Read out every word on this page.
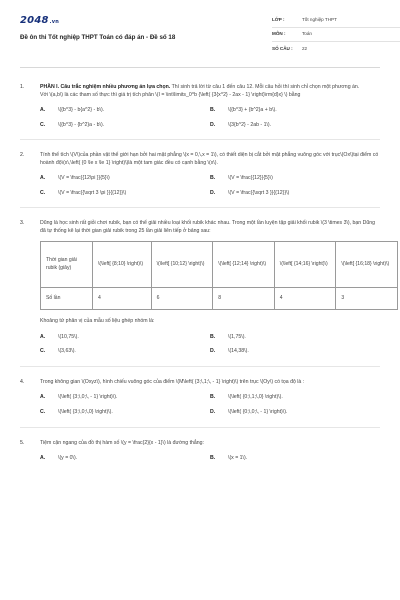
2048.vn
Đề ôn thi Tốt nghiệp THPT Toán có đáp án - Đề số 18
LỚP :	Tốt nghiệp THPT
MÔN :	Toán
SỐ CÂU :	22
1.	PHẦN I. Câu trắc nghiệm nhiều phương án lựa chọn. Thí sinh trả lời từ câu 1 đến câu 12. Mỗi câu hỏi thí sinh chỉ chọn một phương án.
Với \(a,b\) là các tham số thực thì giá trị tích phân \(I = \int\limits_0^b {\left( {3{x^2} - 2ax - 1} \right)\rm{d}x} \) bằng
A.	\({b^3} - b{a^2} - b\).	B.	\({b^3} + {b^2}a + b\).
C.	\({b^3} - {b^2}a - b\).	D.	\(3{b^2} - 2ab - 1\).
2.	Tính thể tích \(V\)của phần vật thể giới hạn bởi hai mặt phẳng \(x = 0,\,x = 1\), có thiết diện bị cắt bởi mặt phẳng vuông góc với trục\(Ox\)tại điểm có hoành độ\(x\,\left( {0 \le x \le 1} \right)\)là một tam giác đều có cạnh bằng \(x\).
A.	\(V = \frac{{12\pi }}{5}\)	B.	\(V = \frac{{12}}{5}\)
C.	\(V = \frac{{\sqrt 3 \pi }}{{12}}\)	D.	\(V = \frac{{\sqrt 3 }}{{12}}\)
3.	Dũng là học sinh rất giỏi chơi rubik, bạn có thể giải nhiều loại khối rubik khác nhau. Trong một lần luyện tập giải khối rubik \(3 \times 3\), bạn Dũng đã tự thống kê lại thời gian giải rubik trong 25 lần giải liên tiếp ở bảng sau:
Thời gian giải rubik (giây)	\(\left[ {8;10} \right)\)	\(\left[ {10;12} \right)\)	\(\left[ {12;14} \right)\)	\(\left[ {14;16} \right)\)	\(\left[ {16;18} \right)\)
Số lần	4	6	8	4	3
Khoảng tứ phân vị của mẫu số liệu ghép nhóm là:
A.	\(10,75\).	B.	\(1,75\).
C.	\(3,63\).	D.	\(14,38\).
4.	Trong không gian \(Oxyz\), hình chiếu vuông góc của điểm \(M\left( {3;\,1;\, - 1} \right)\) trên trục \(Oy\) có tọa độ là :
A.	\(\left( {3;\,0;\, - 1} \right)\).	B.	\(\left( {0;\,1;\,0} \right)\).
C.	\(\left( {3;\,0;\,0} \right)\).	D.	\(\left( {0;\,0;\, - 1} \right)\).
5.	Tiệm cận ngang của đồ thị hàm số \(y = \frac{2}{x - 1}\) là đường thẳng:
A.	\(y = 0\).	B.	\(x = 1\).
